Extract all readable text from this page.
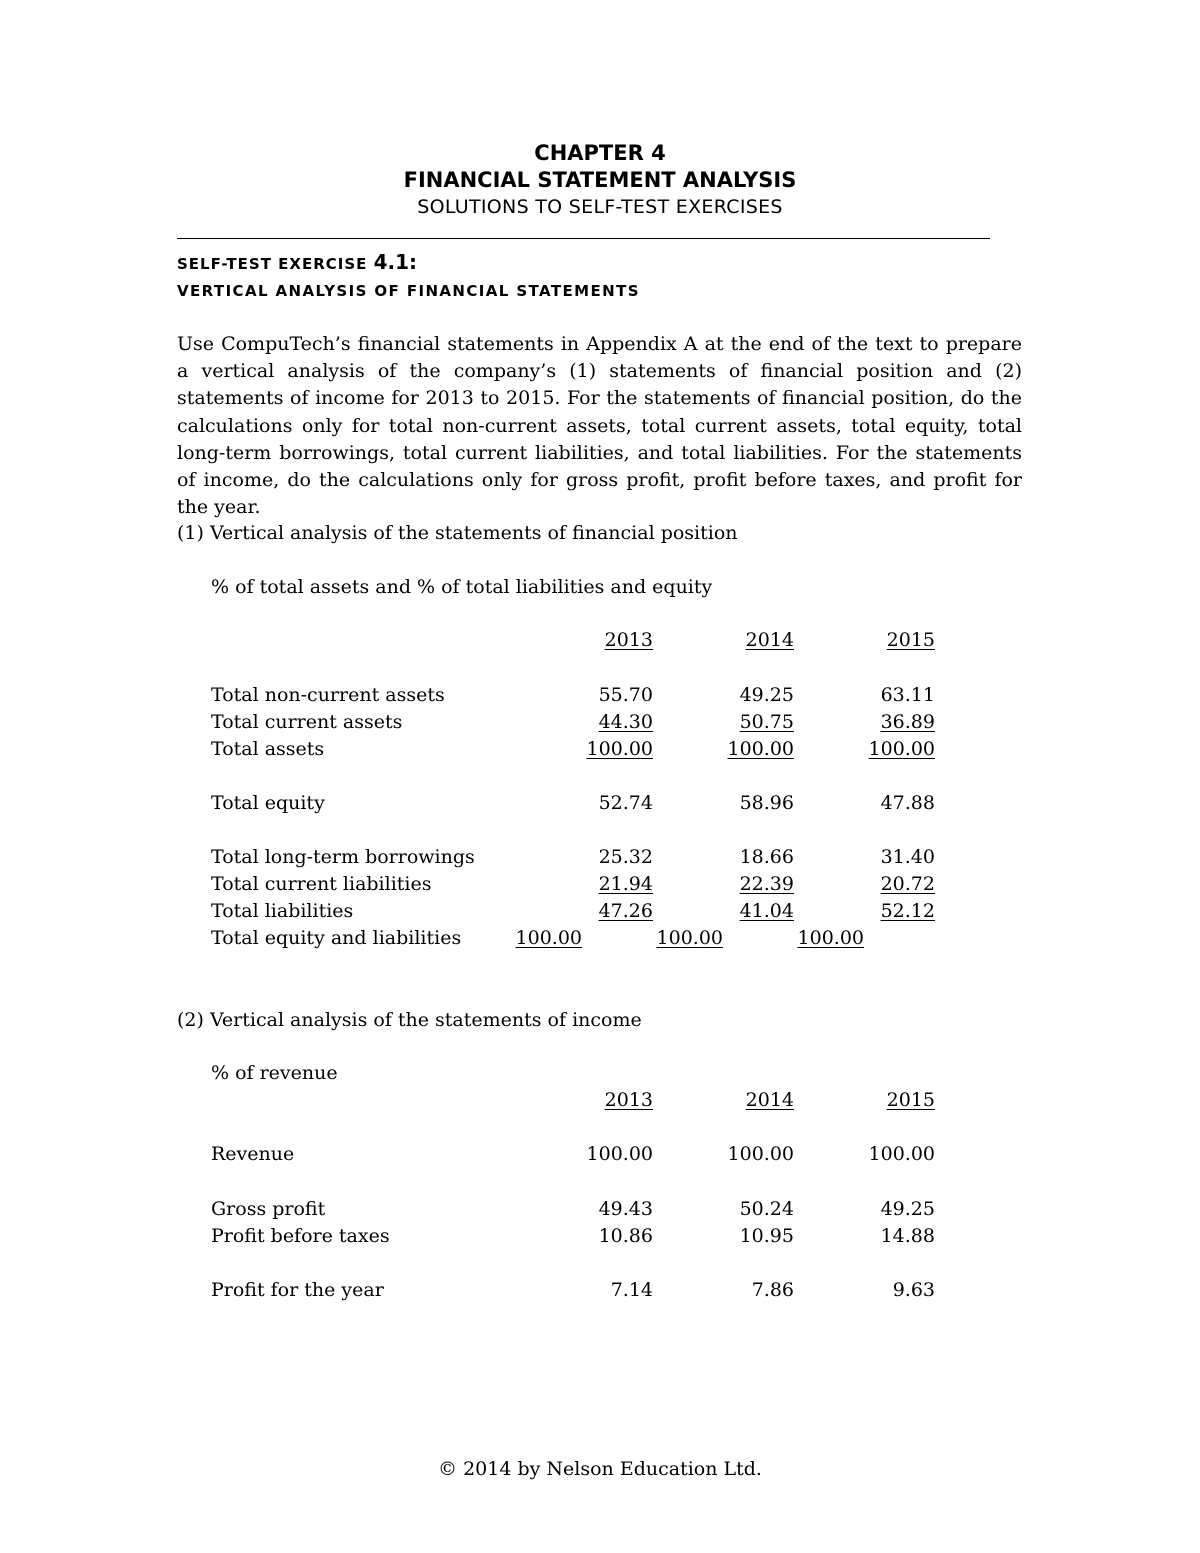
CHAPTER 4
FINANCIAL STATEMENT ANALYSIS
SOLUTIONS TO SELF-TEST EXERCISES
SELF-TEST EXERCISE 4.1:
VERTICAL ANALYSIS OF FINANCIAL STATEMENTS
Use CompuTech’s financial statements in Appendix A at the end of the text to prepare a vertical analysis of the company’s (1) statements of financial position and (2) statements of income for 2013 to 2015. For the statements of financial position, do the calculations only for total non-current assets, total current assets, total equity, total long-term borrowings, total current liabilities, and total liabilities. For the statements of income, do the calculations only for gross profit, profit before taxes, and profit for the year.
(1) Vertical analysis of the statements of financial position
% of total assets and % of total liabilities and equity
2013	2014	2015
Total non-current assets	55.70	49.25	63.11
Total current assets	44.30	50.75	36.89
Total assets	100.00	100.00	100.00
Total equity	52.74	58.96	47.88
Total long-term borrowings	25.32	18.66	31.40
Total current liabilities	21.94	22.39	20.72
Total liabilities	47.26	41.04	52.12
Total equity and liabilities	100.00	100.00	100.00
(2) Vertical analysis of the statements of income
% of revenue
2013	2014	2015
Revenue	100.00	100.00	100.00
Gross profit	49.43	50.24	49.25
Profit before taxes	10.86	10.95	14.88
Profit for the year	7.14	7.86	9.63
© 2014 by Nelson Education Ltd.
